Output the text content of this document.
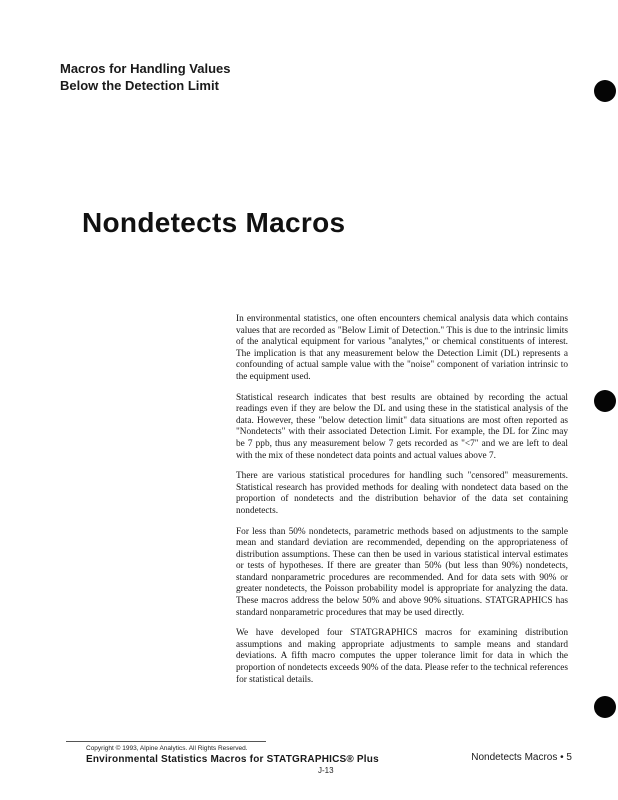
Macros for Handling Values Below the Detection Limit
Nondetects Macros

In environmental statistics, one often encounters chemical analysis data which contains values that are recorded as "Below Limit of Detection." This is due to the intrinsic limits of the analytical equipment for various "analytes," or chemical constituents of interest. The implication is that any measurement below the Detection Limit (DL) represents a confounding of actual sample value with the "noise" component of variation intrinsic to the equipment used.

Statistical research indicates that best results are obtained by recording the actual readings even if they are below the DL and using these in the statistical analysis of the data. However, these "below detection limit" data situations are most often reported as "Nondetects" with their associated Detection Limit. For example, the DL for Zinc may be 7 ppb, thus any measurement below 7 gets recorded as "<7" and we are left to deal with the mix of these nondetect data points and actual values above 7.

There are various statistical procedures for handling such "censored" measurements. Statistical research has provided methods for dealing with nondetect data based on the proportion of nondetects and the distribution behavior of the data set containing nondetects.

For less than 50% nondetects, parametric methods based on adjustments to the sample mean and standard deviation are recommended, depending on the appropriateness of distribution assumptions. These can then be used in various statistical interval estimates or tests of hypotheses. If there are greater than 50% (but less than 90%) nondetects, standard nonparametric procedures are recommended. And for data sets with 90% or greater nondetects, the Poisson probability model is appropriate for analyzing the data. These macros address the below 50% and above 90% situations. STATGRAPHICS has standard nonparametric procedures that may be used directly.

We have developed four STATGRAPHICS macros for examining distribution assumptions and making appropriate adjustments to sample means and standard deviations. A fifth macro computes the upper tolerance limit for data in which the proportion of nondetects exceeds 90% of the data. Please refer to the technical references for statistical details.

Copyright © 1993, Alpine Analytics. All Rights Reserved.

Environmental Statistics Macros for STATGRAPHICS® Plus	Nondetects Macros • 5

J-13
